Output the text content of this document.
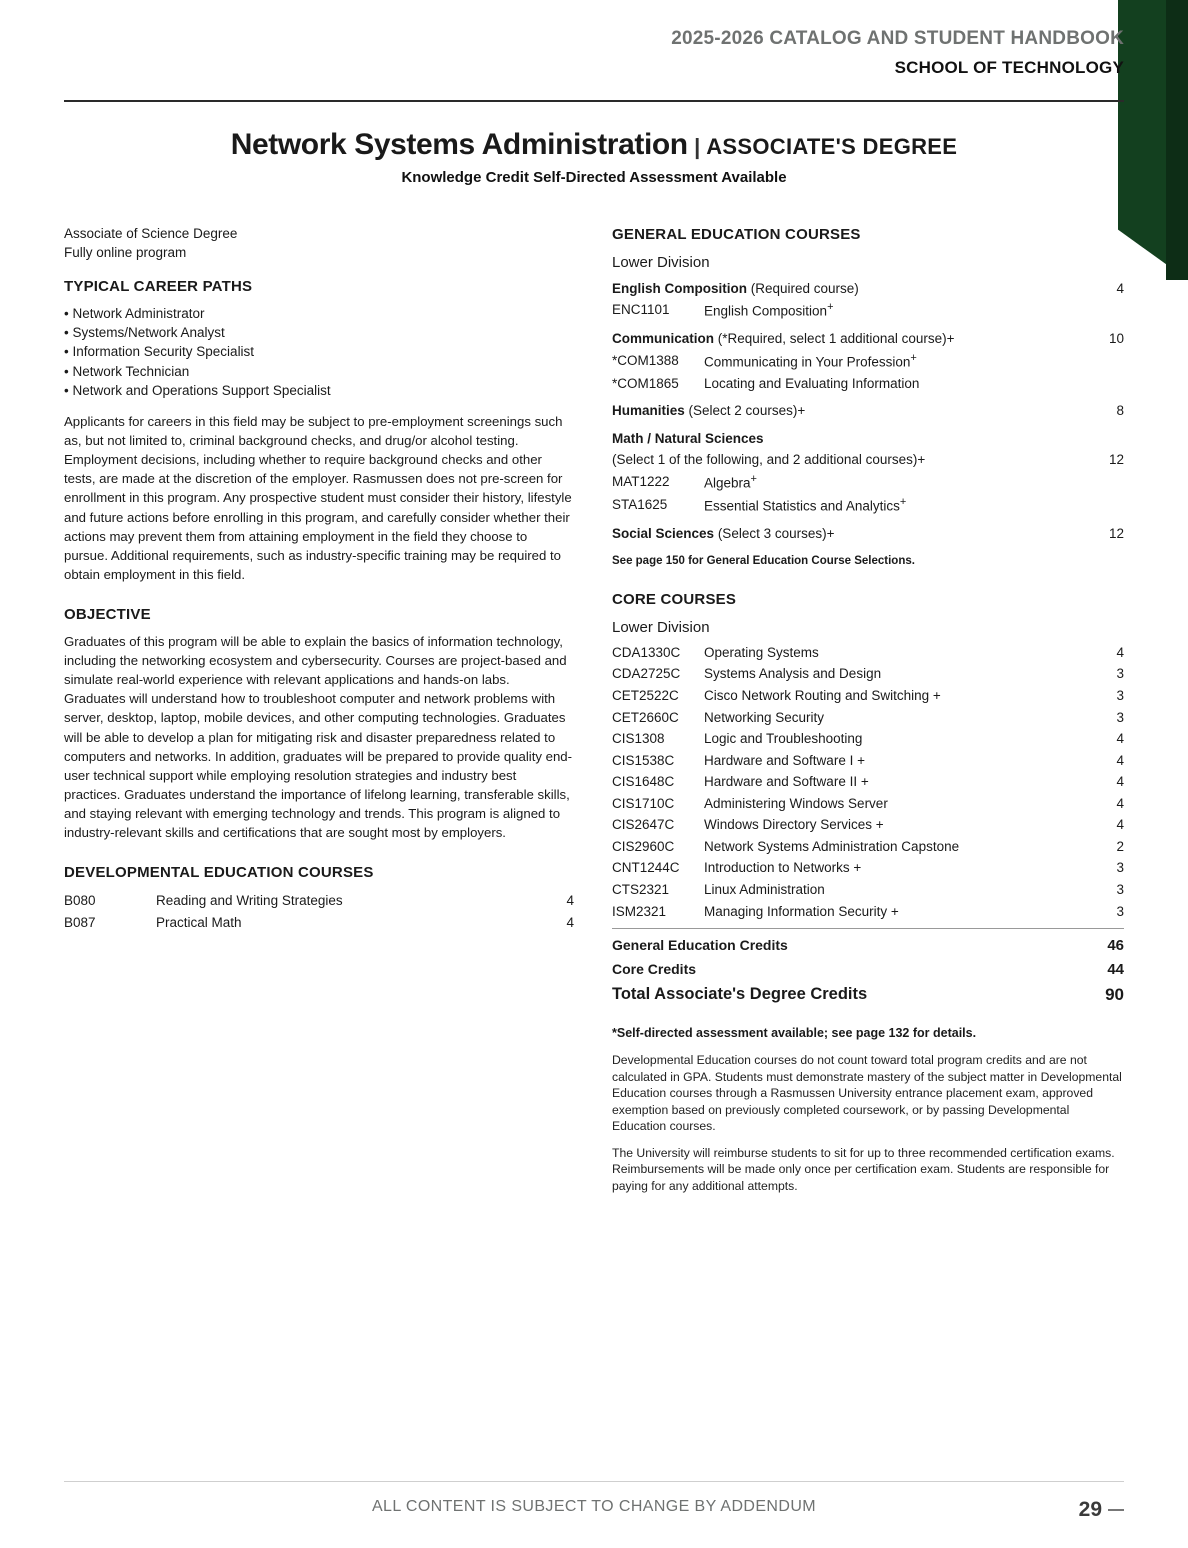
2025-2026 CATALOG AND STUDENT HANDBOOK
SCHOOL OF TECHNOLOGY
Network Systems Administration | ASSOCIATE'S DEGREE
Knowledge Credit Self-Directed Assessment Available
Associate of Science Degree
Fully online program
TYPICAL CAREER PATHS
• Network Administrator
• Systems/Network Analyst
• Information Security Specialist
• Network Technician
• Network and Operations Support Specialist

Applicants for careers in this field may be subject to pre-employment screenings such as, but not limited to, criminal background checks, and drug/or alcohol testing. Employment decisions, including whether to require background checks and other tests, are made at the discretion of the employer. Rasmussen does not pre-screen for enrollment in this program. Any prospective student must consider their history, lifestyle and future actions before enrolling in this program, and carefully consider whether their actions may prevent them from attaining employment in the field they choose to pursue. Additional requirements, such as industry-specific training may be required to obtain employment in this field.

OBJECTIVE

Graduates of this program will be able to explain the basics of information technology, including the networking ecosystem and cybersecurity. Courses are project-based and simulate real-world experience with relevant applications and hands-on labs. Graduates will understand how to troubleshoot computer and network problems with server, desktop, laptop, mobile devices, and other computing technologies. Graduates will be able to develop a plan for mitigating risk and disaster preparedness related to computers and networks. In addition, graduates will be prepared to provide quality end-user technical support while employing resolution strategies and industry best practices. Graduates understand the importance of lifelong learning, transferable skills, and staying relevant with emerging technology and trends. This program is aligned to industry-relevant skills and certifications that are sought most by employers.

DEVELOPMENTAL EDUCATION COURSES
B080	Reading and Writing Strategies	4
B087	Practical Math	4
GENERAL EDUCATION COURSES
Lower Division
English Composition (Required course)		4
ENC1101	English Composition+	
Communication (*Required, select 1 additional course)+		10
*COM1388	Communicating in Your Profession+	
*COM1865	Locating and Evaluating Information	
Humanities (Select 2 courses)+		8
Math / Natural Sciences		
(Select 1 of the following, and 2 additional courses)+		12
MAT1222	Algebra+	
STA1625	Essential Statistics and Analytics+	
Social Sciences (Select 3 courses)+		12
See page 150 for General Education Course Selections.
CORE COURSES
Lower Division
CDA1330C	Operating Systems	4
CDA2725C	Systems Analysis and Design	3
CET2522C	Cisco Network Routing and Switching +	3
CET2660C	Networking Security	3
CIS1308	Logic and Troubleshooting	4
CIS1538C	Hardware and Software I +	4
CIS1648C	Hardware and Software II +	4
CIS1710C	Administering Windows Server	4
CIS2647C	Windows Directory Services +	4
CIS2960C	Network Systems Administration Capstone	2
CNT1244C	Introduction to Networks +	3
CTS2321	Linux Administration	3
ISM2321	Managing Information Security +	3
General Education Credits	46
Core Credits	44
Total Associate's Degree Credits	90
*Self-directed assessment available; see page 132 for details.
Developmental Education courses do not count toward total program credits and are not calculated in GPA. Students must demonstrate mastery of the subject matter in Developmental Education courses through a Rasmussen University entrance placement exam, approved exemption based on previously completed coursework, or by passing Developmental Education courses.
The University will reimburse students to sit for up to three recommended certification exams. Reimbursements will be made only once per certification exam. Students are responsible for paying for any additional attempts.
ALL CONTENT IS SUBJECT TO CHANGE BY ADDENDUM	29
